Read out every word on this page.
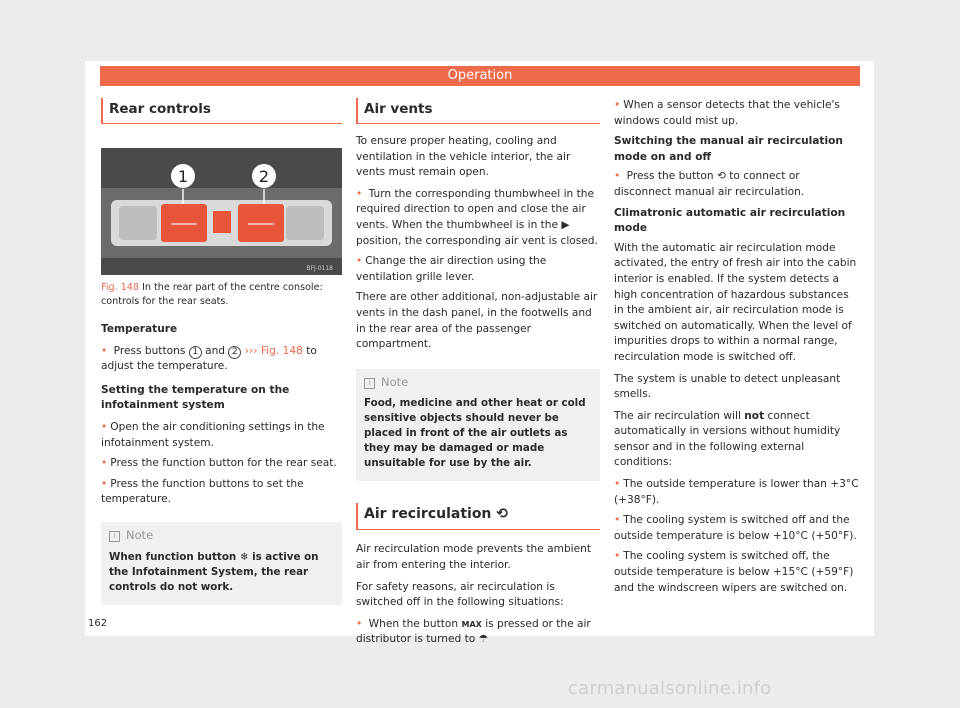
Operation
Rear controls
1	2
BFJ-0118
Fig. 148 In the rear part of the centre console: controls for the rear seats.

Temperature

• Press buttons 1 and 2 ››› Fig. 148 to adjust the temperature.

Setting the temperature on the infotainment system

• Open the air conditioning settings in the infotainment system.

• Press the function button for the rear seat.

• Press the function buttons to set the temperature.

i Note
When function button ❄ is active on the Infotainment System, the rear controls do not work.
Air vents

To ensure proper heating, cooling and ventilation in the vehicle interior, the air vents must remain open.

• Turn the corresponding thumbwheel in the required direction to open and close the air vents. When the thumbwheel is in the ▶ position, the corresponding air vent is closed.

• Change the air direction using the ventilation grille lever.

There are other additional, non-adjustable air vents in the dash panel, in the footwells and in the rear area of the passenger compartment.

i Note
Food, medicine and other heat or cold sensitive objects should never be placed in front of the air outlets as they may be damaged or made unsuitable for use by the air.
Air recirculation ⟲

Air recirculation mode prevents the ambient air from entering the interior.

For safety reasons, air recirculation is switched off in the following situations:

• When the button MAX is pressed or the air distributor is turned to ☂

• When a sensor detects that the vehicle's windows could mist up.

Switching the manual air recirculation mode on and off

• Press the button ⟲ to connect or disconnect manual air recirculation.

Climatronic automatic air recirculation mode

With the automatic air recirculation mode activated, the entry of fresh air into the cabin interior is enabled. If the system detects a high concentration of hazardous substances in the ambient air, air recirculation mode is switched on automatically. When the level of impurities drops to within a normal range, recirculation mode is switched off.

The system is unable to detect unpleasant smells.

The air recirculation will not connect automatically in versions without humidity sensor and in the following external conditions:

• The outside temperature is lower than +3°C (+38°F).

• The cooling system is switched off and the outside temperature is below +10°C (+50°F).

• The cooling system is switched off, the outside temperature is below +15°C (+59°F) and the windscreen wipers are switched on.

162
carmanualsonline.info
